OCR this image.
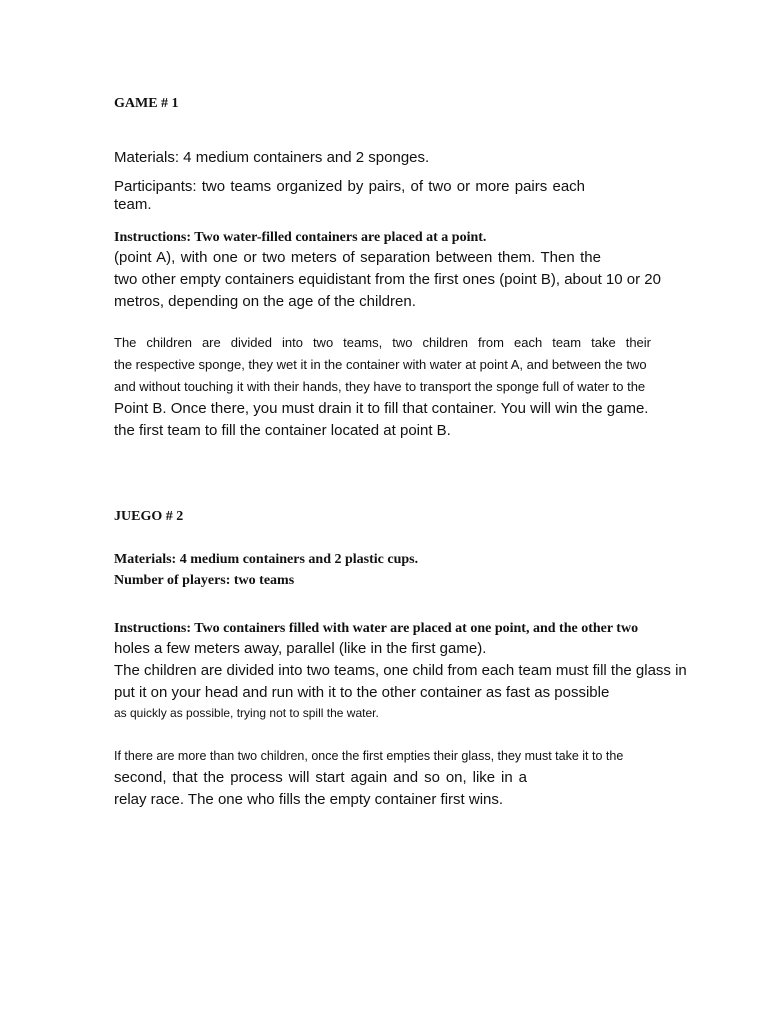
GAME # 1

Materials: 4 medium containers and 2 sponges.

Participants: two teams organized by pairs, of two or more pairs each

team.

Instructions: Two water-filled containers are placed at a point.

(point A), with one or two meters of separation between them. Then the

two other empty containers equidistant from the first ones (point B), about 10 or 20

metros, depending on the age of the children.

The children are divided into two teams, two children from each team take their

the respective sponge, they wet it in the container with water at point A, and between the two

and without touching it with their hands, they have to transport the sponge full of water to the

Point B. Once there, you must drain it to fill that container. You will win the game.

the first team to fill the container located at point B.

JUEGO # 2

Materials: 4 medium containers and 2 plastic cups.

Number of players: two teams

Instructions: Two containers filled with water are placed at one point, and the other two

holes a few meters away, parallel (like in the first game).

The children are divided into two teams, one child from each team must fill the glass in

put it on your head and run with it to the other container as fast as possible

as quickly as possible, trying not to spill the water.

If there are more than two children, once the first empties their glass, they must take it to the

second, that the process will start again and so on, like in a

relay race. The one who fills the empty container first wins.
